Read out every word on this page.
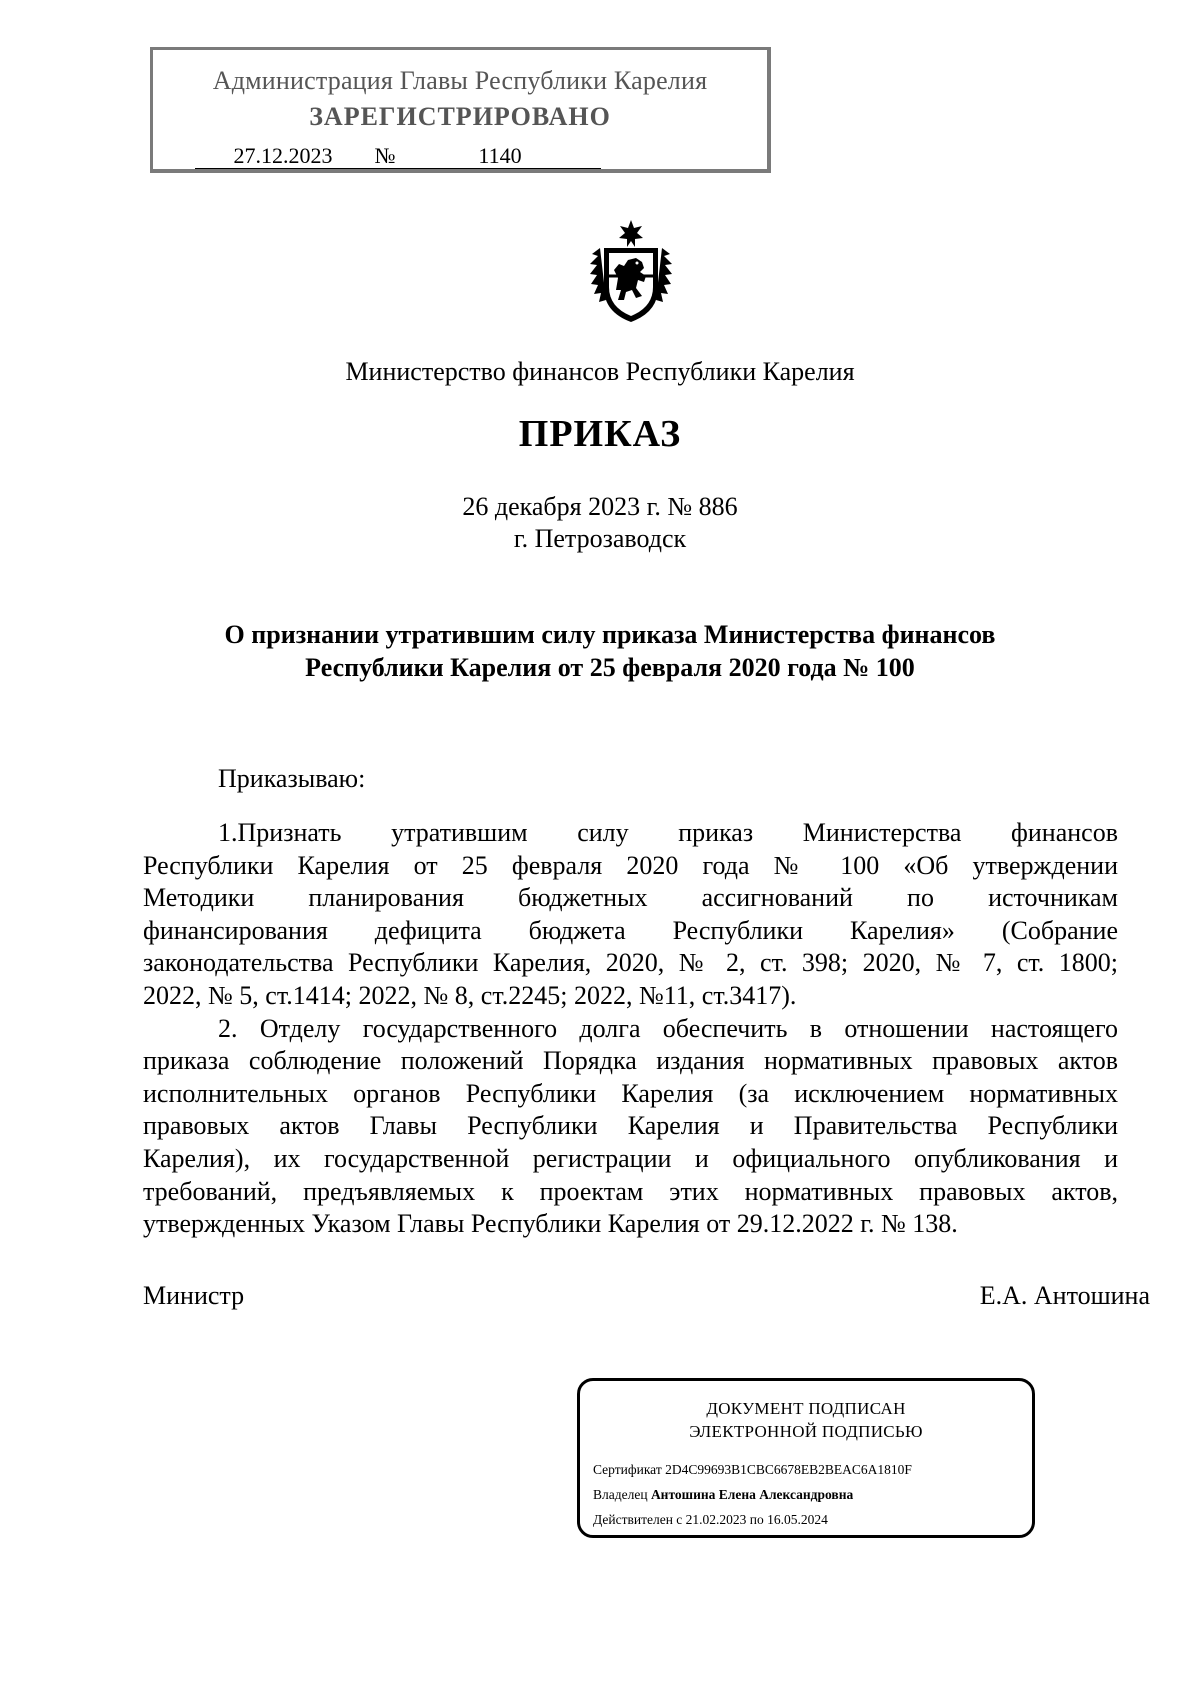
Администрация Главы Республики Карелия
ЗАРЕГИСТРИРОВАНО
27.12.2023	№	1140
Министерство финансов Республики Карелия
ПРИКАЗ
26 декабря 2023 г. № 886
г. Петрозаводск
О признании утратившим силу приказа Министерства финансов
Республики Карелия от 25 февраля 2020 года № 100
Приказываю:
1.Признать утратившим силу приказ Министерства финансов
Республики Карелия от 25 февраля 2020 года № 100 «Об утверждении
Методики планирования бюджетных ассигнований по источникам
финансирования дефицита бюджета Республики Карелия» (Собрание
законодательства Республики Карелия, 2020, № 2, ст. 398; 2020, № 7, ст. 1800;
2022, № 5, ст.1414; 2022, № 8, ст.2245; 2022, №11, ст.3417).
2. Отделу государственного долга обеспечить в отношении настоящего
приказа соблюдение положений Порядка издания нормативных правовых актов
исполнительных органов Республики Карелия (за исключением нормативных
правовых актов Главы Республики Карелия и Правительства Республики
Карелия), их государственной регистрации и официального опубликования и
требований, предъявляемых к проектам этих нормативных правовых актов,
утвержденных Указом Главы Республики Карелия от 29.12.2022 г. № 138.
Министр	Е.А. Антошина
ДОКУМЕНТ ПОДПИСАН
ЭЛЕКТРОННОЙ ПОДПИСЬЮ
Сертификат 2D4C99693B1CBC6678EB2BEAC6A1810F
Владелец Антошина Елена Александровна
Действителен с 21.02.2023 по 16.05.2024
